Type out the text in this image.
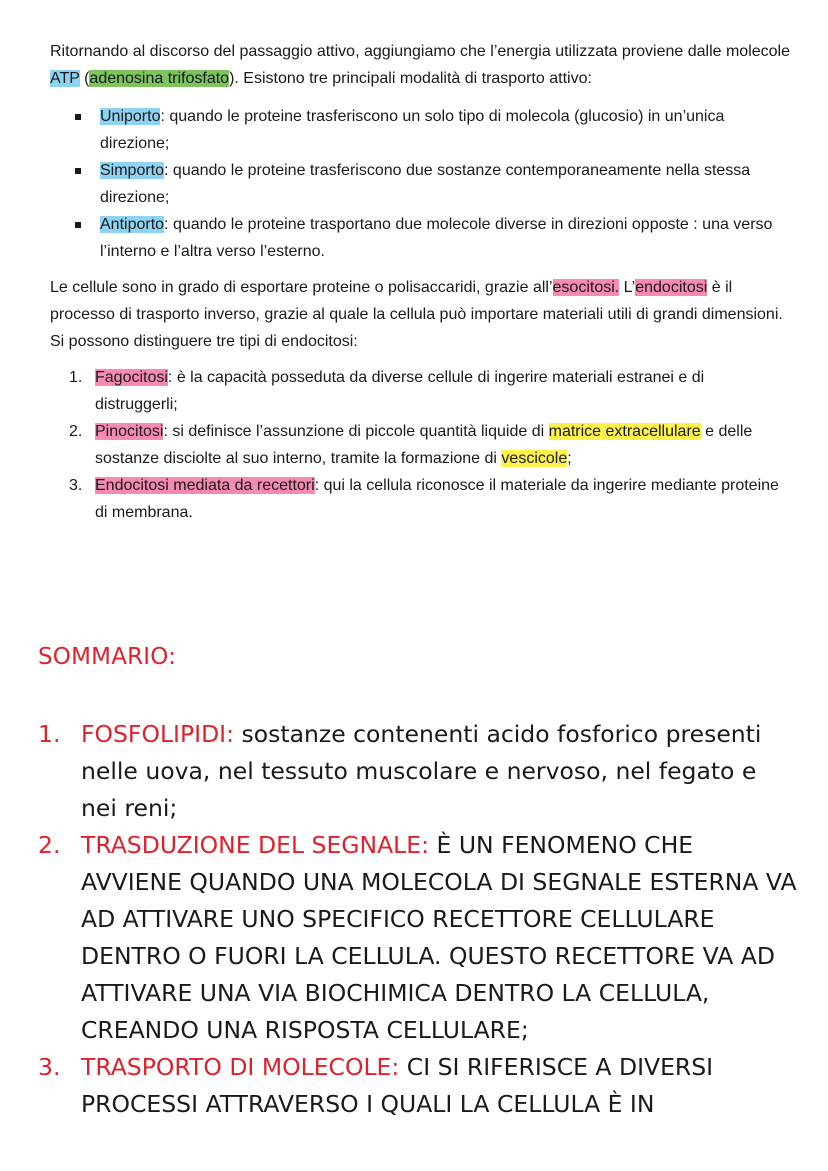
Ritornando al discorso del passaggio attivo, aggiungiamo che l’energia utilizzata proviene dalle molecole ATP (adenosina trifosfato). Esistono tre principali modalità di trasporto attivo:

Uniporto: quando le proteine trasferiscono un solo tipo di molecola (glucosio) in un’unica direzione;
Simporto: quando le proteine trasferiscono due sostanze contemporaneamente nella stessa direzione;
Antiporto: quando le proteine trasportano due molecole diverse in direzioni opposte : una verso l’interno e l’altra verso l’esterno.

Le cellule sono in grado di esportare proteine o polisaccaridi, grazie all’esocitosi. L’endocitosi è il processo di trasporto inverso, grazie al quale la cellula può importare materiali utili di grandi dimensioni. Si possono distinguere tre tipi di endocitosi:

1. Fagocitosi: è la capacità posseduta da diverse cellule di ingerire materiali estranei e di distruggerli;
2. Pinocitosi: si definisce l’assunzione di piccole quantità liquide di matrice extracellulare e delle sostanze disciolte al suo interno, tramite la formazione di vescicole;
3. Endocitosi mediata da recettori: qui la cellula riconosce il materiale da ingerire mediante proteine di membrana.
SOMMARIO:
1. FOSFOLIPIDI: sostanze contenenti acido fosforico presenti nelle uova, nel tessuto muscolare e nervoso, nel fegato e nei reni;
2. TRASDUZIONE DEL SEGNALE: È UN FENOMENO CHE AVVIENE QUANDO UNA MOLECOLA DI SEGNALE ESTERNA VA AD ATTIVARE UNO SPECIFICO RECETTORE CELLULARE DENTRO O FUORI LA CELLULA. QUESTO RECETTORE VA AD ATTIVARE UNA VIA BIOCHIMICA DENTRO LA CELLULA, CREANDO UNA RISPOSTA CELLULARE;
3. TRASPORTO DI MOLECOLE: CI SI RIFERISCE A DIVERSI PROCESSI ATTRAVERSO I QUALI LA CELLULA È IN
